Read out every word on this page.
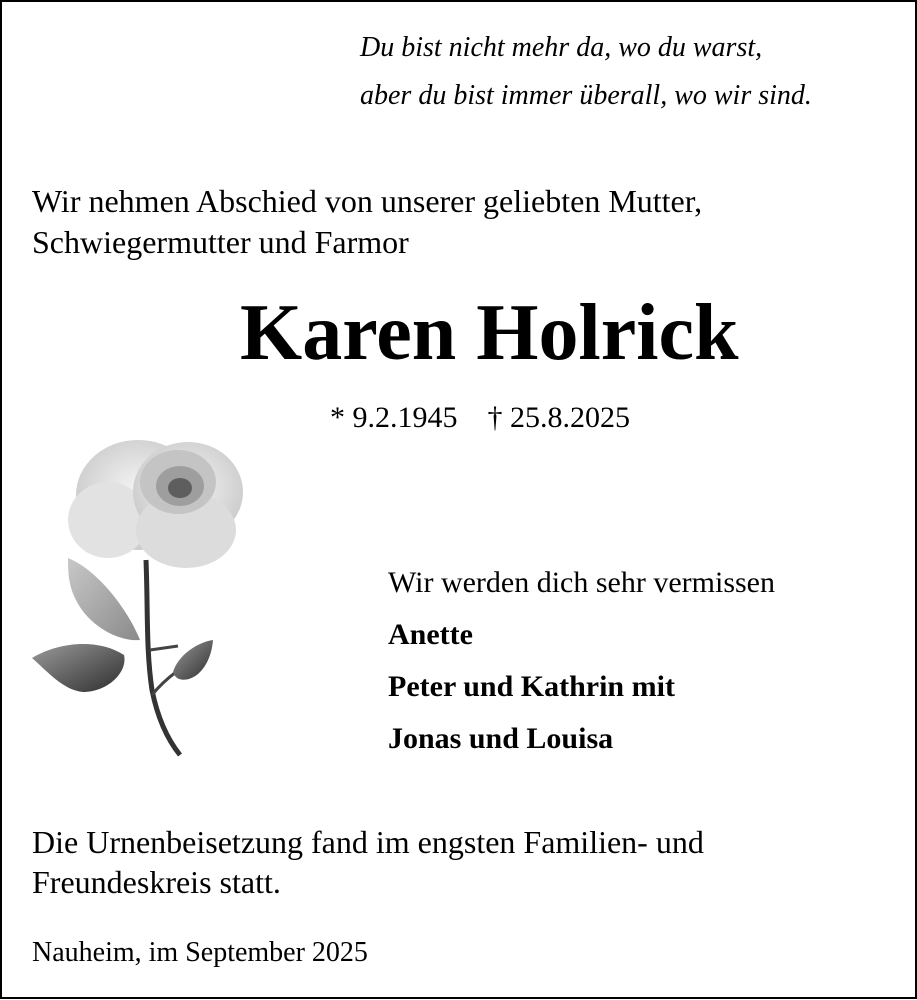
Du bist nicht mehr da, wo du warst,
aber du bist immer überall, wo wir sind.
Wir nehmen Abschied von unserer geliebten Mutter,
Schwiegermutter und Farmor
Karen Holrick
* 9.2.1945    † 25.8.2025
Wir werden dich sehr vermissen
Anette
Peter und Kathrin mit
Jonas und Louisa
Die Urnenbeisetzung fand im engsten Familien- und
Freundeskreis statt.
Nauheim, im September 2025
